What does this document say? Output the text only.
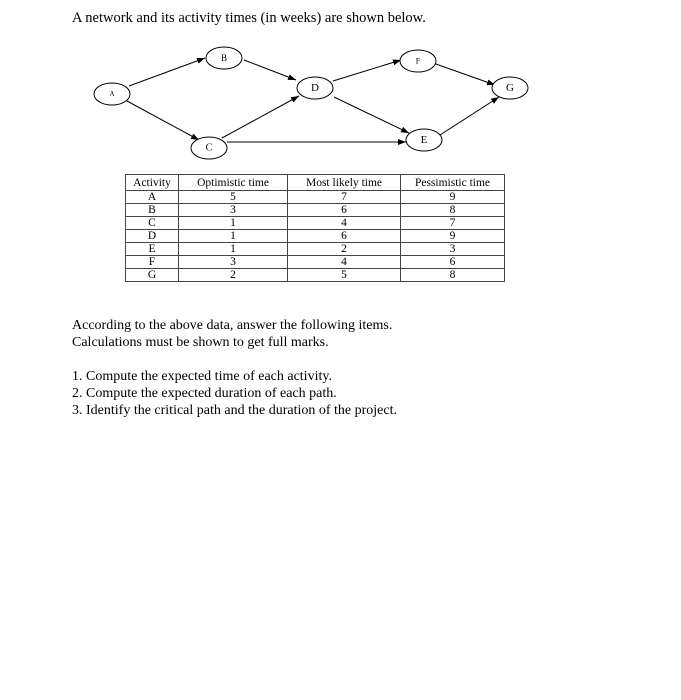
A network and its activity times (in weeks) are shown below.

A
B
C
D
E
F
G
Activity	Optimistic time	Most likely time	Pessimistic time
A	5	7	9
B	3	6	8
C	1	4	7
D	1	6	9
E	1	2	3
F	3	4	6
G	2	5	8
According to the above data, answer the following items.
Calculations must be shown to get full marks.
1. Compute the expected time of each activity.
2. Compute the expected duration of each path.
3. Identify the critical path and the duration of the project.
